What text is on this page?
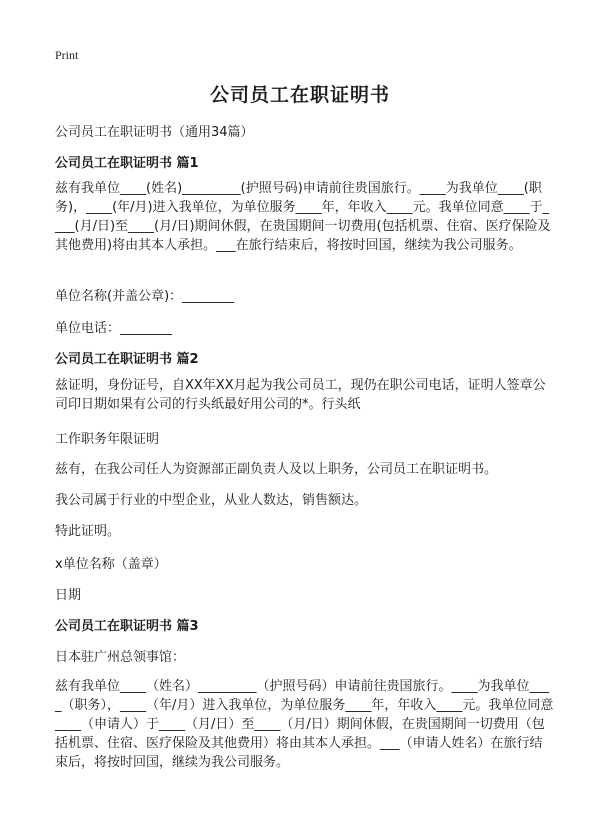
Print
公司员工在职证明书
公司员工在职证明书（通用34篇）
公司员工在职证明书 篇1
兹有我单位____(姓名)_________(护照号码)申请前往贵国旅行。____为我单位____(职务)，____(年/月)进入我单位，为单位服务____年，年收入____元。我单位同意____于____(月/日)至____(月/日)期间休假，在贵国期间一切费用(包括机票、住宿、医疗保险及其他费用)将由其本人承担。___在旅行结束后，将按时回国，继续为我公司服务。
单位名称(并盖公章)：________
单位电话：________
公司员工在职证明书 篇2
兹证明，身份证号，自XX年XX月起为我公司员工，现仍在职公司电话，证明人签章公司印日期如果有公司的行头纸最好用公司的*。行头纸
工作职务年限证明
兹有，在我公司任人为资源部正副负责人及以上职务，公司员工在职证明书。
我公司属于行业的中型企业，从业人数达，销售额达。
特此证明。
x单位名称（盖章）
日期
公司员工在职证明书 篇3
日本驻广州总领事馆：
兹有我单位____（姓名）_________（护照号码）申请前往贵国旅行。____为我单位____（职务），____（年/月）进入我单位，为单位服务____年，年收入____元。我单位同意____（申请人）于____（月/日）至____（月/日）期间休假，在贵国期间一切费用（包括机票、住宿、医疗保险及其他费用）将由其本人承担。___（申请人姓名）在旅行结束后，将按时回国，继续为我公司服务。
